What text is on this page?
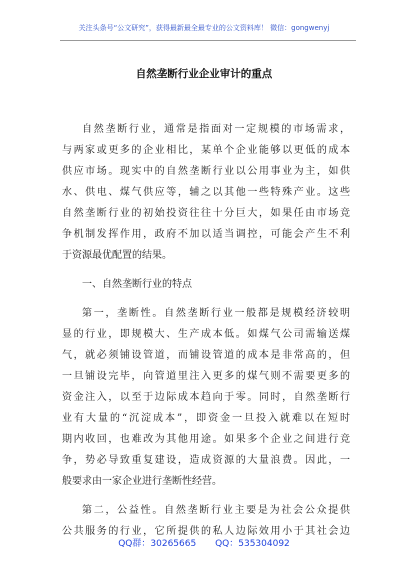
关注头条号“公文研究”，获得最新最全最专业的公文资料库！ 微信：gongwenyj
自然垄断行业企业审计的重点
自然垄断行业，通常是指面对一定规模的市场需求，
与两家或更多的企业相比，某单个企业能够以更低的成本
供应市场。现实中的自然垄断行业以公用事业为主，如供
水、供电、煤气供应等，辅之以其他一些特殊产业。这些
自然垄断行业的初始投资往往十分巨大，如果任由市场竞
争机制发挥作用，政府不加以适当调控，可能会产生不利
于资源最优配置的结果。
一、自然垄断行业的特点
第一，垄断性。自然垄断行业一般都是规模经济较明
显的行业，即规模大、生产成本低。如煤气公司需输送煤
气，就必须铺设管道，而铺设管道的成本是非常高的，但
一旦铺设完毕，向管道里注入更多的煤气则不需要更多的
资金注入，以至于边际成本趋向于零。同时，自然垄断行
业有大量的“沉淀成本”，即资金一旦投入就难以在短时
期内收回，也难改为其他用途。如果多个企业之间进行竞
争，势必导致重复建设，造成资源的大量浪费。因此，一
般要求由一家企业进行垄断性经营。
第二，公益性。自然垄断行业主要是为社会公众提供
公共服务的行业，它所提供的私人边际效用小于其社会边
QQ群：30265665 QQ：535304092
